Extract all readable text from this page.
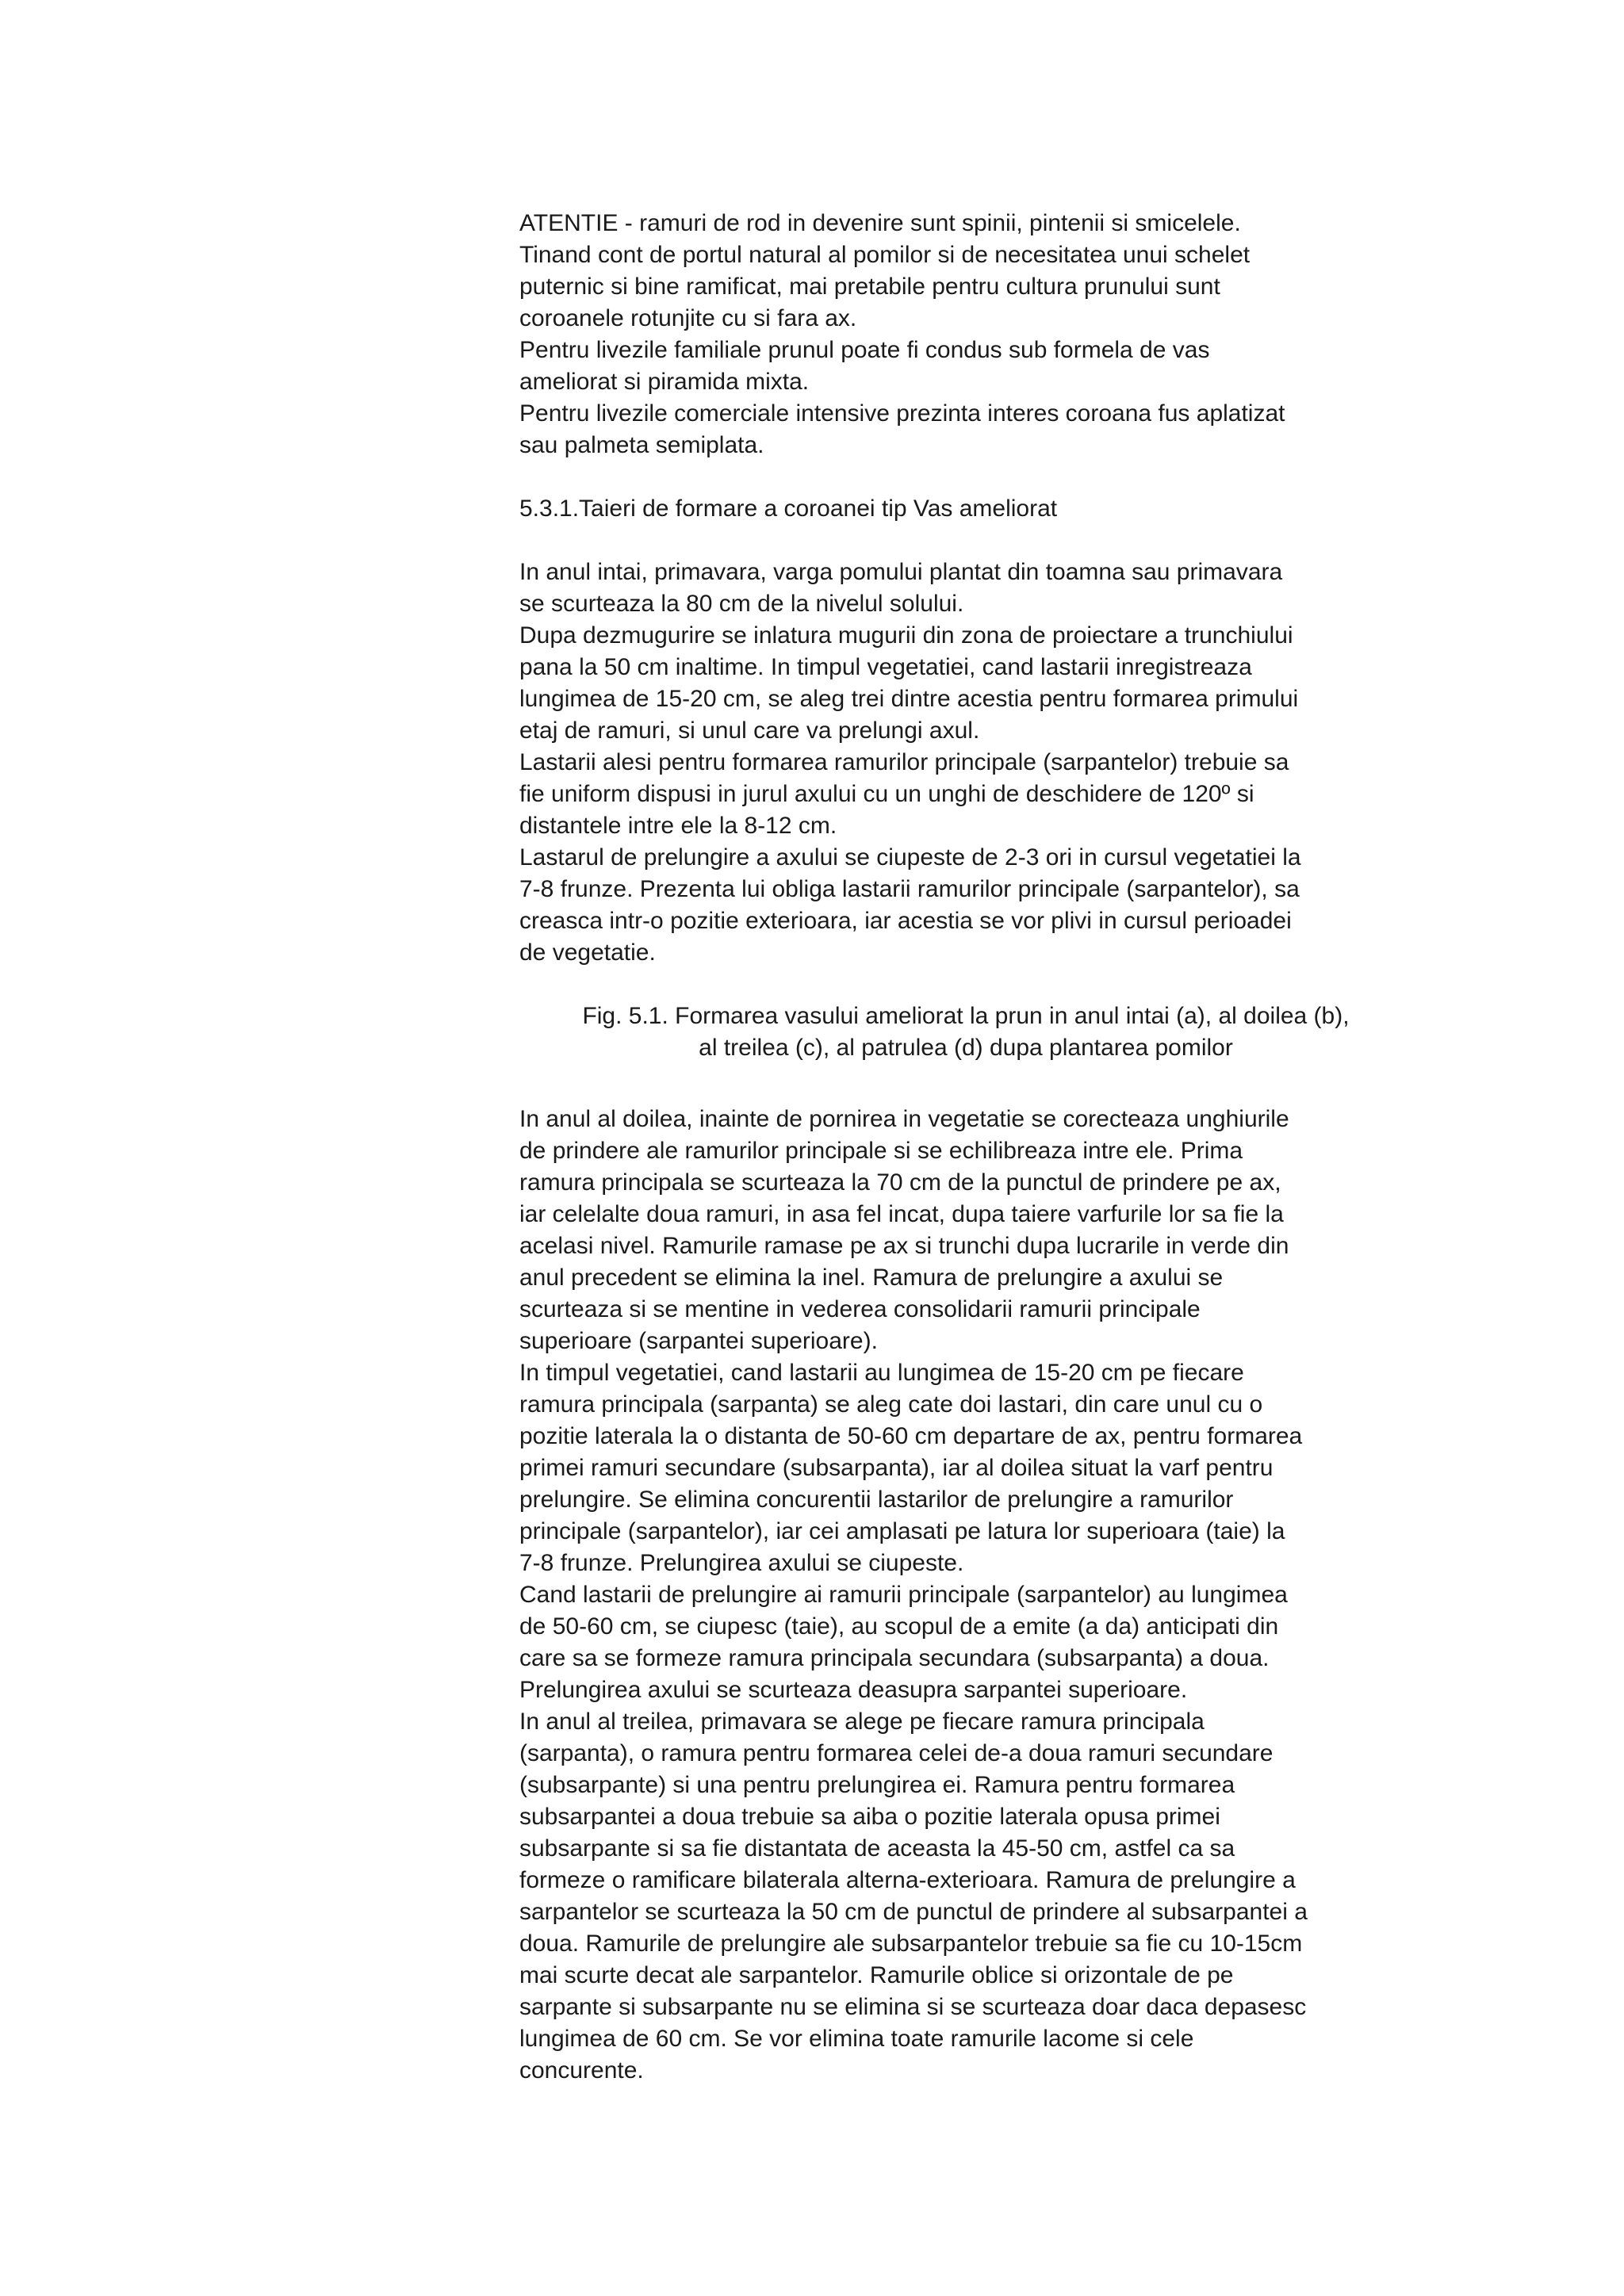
ATENTIE - ramuri de rod in devenire sunt spinii, pintenii si smicelele.
Tinand cont de portul natural al pomilor si de necesitatea unui schelet
puternic si bine ramificat, mai pretabile pentru cultura prunului sunt
coroanele rotunjite cu si fara ax.
Pentru livezile familiale prunul poate fi condus sub formela de vas
ameliorat si piramida mixta.
Pentru livezile comerciale intensive prezinta interes coroana fus aplatizat
sau palmeta semiplata.
5.3.1.Taieri de formare a coroanei tip Vas ameliorat
In anul intai, primavara, varga pomului plantat din toamna sau primavara
se scurteaza la 80 cm de la nivelul solului.
Dupa dezmugurire se inlatura mugurii din zona de proiectare a trunchiului
pana la 50 cm inaltime. In timpul vegetatiei, cand lastarii inregistreaza
lungimea de 15-20 cm, se aleg trei dintre acestia pentru formarea primului
etaj de ramuri, si unul care va prelungi axul.
Lastarii alesi pentru formarea ramurilor principale (sarpantelor) trebuie sa
fie uniform dispusi in jurul axului cu un unghi de deschidere de 120º si
distantele intre ele la 8-12 cm.
Lastarul de prelungire a axului se ciupeste de 2-3 ori in cursul vegetatiei la
7-8 frunze. Prezenta lui obliga lastarii ramurilor principale (sarpantelor), sa
creasca intr-o pozitie exterioara, iar acestia se vor plivi in cursul perioadei
de vegetatie.
Fig. 5.1. Formarea vasului ameliorat la prun in anul intai (a), al doilea (b),
al treilea (c), al patrulea (d) dupa plantarea pomilor
In anul al doilea, inainte de pornirea in vegetatie se corecteaza unghiurile
de prindere ale ramurilor principale si se echilibreaza intre ele. Prima
ramura principala se scurteaza la 70 cm de la punctul de prindere pe ax,
iar celelalte doua ramuri, in asa fel incat, dupa taiere varfurile lor sa fie la
acelasi nivel. Ramurile ramase pe ax si trunchi dupa lucrarile in verde din
anul precedent se elimina la inel. Ramura de prelungire a axului se
scurteaza si se mentine in vederea consolidarii ramurii principale
superioare (sarpantei superioare).
In timpul vegetatiei, cand lastarii au lungimea de 15-20 cm pe fiecare
ramura principala (sarpanta) se aleg cate doi lastari, din care unul cu o
pozitie laterala la o distanta de 50-60 cm departare de ax, pentru formarea
primei ramuri secundare (subsarpanta), iar al doilea situat la varf pentru
prelungire. Se elimina concurentii lastarilor de prelungire a ramurilor
principale (sarpantelor), iar cei amplasati pe latura lor superioara (taie) la
7-8 frunze. Prelungirea axului se ciupeste.
Cand lastarii de prelungire ai ramurii principale (sarpantelor) au lungimea
de 50-60 cm, se ciupesc (taie), au scopul de a emite (a da) anticipati din
care sa se formeze ramura principala secundara (subsarpanta) a doua.
Prelungirea axului se scurteaza deasupra sarpantei superioare.
In anul al treilea, primavara se alege pe fiecare ramura principala
(sarpanta), o ramura pentru formarea celei de-a doua ramuri secundare
(subsarpante) si una pentru prelungirea ei. Ramura pentru formarea
subsarpantei a doua trebuie sa aiba o pozitie laterala opusa primei
subsarpante si sa fie distantata de aceasta la 45-50 cm, astfel ca sa
formeze o ramificare bilaterala alterna-exterioara. Ramura de prelungire a
sarpantelor se scurteaza la 50 cm de punctul de prindere al subsarpantei a
doua. Ramurile de prelungire ale subsarpantelor trebuie sa fie cu 10-15cm
mai scurte decat ale sarpantelor. Ramurile oblice si orizontale de pe
sarpante si subsarpante nu se elimina si se scurteaza doar daca depasesc
lungimea de 60 cm. Se vor elimina toate ramurile lacome si cele
concurente.
